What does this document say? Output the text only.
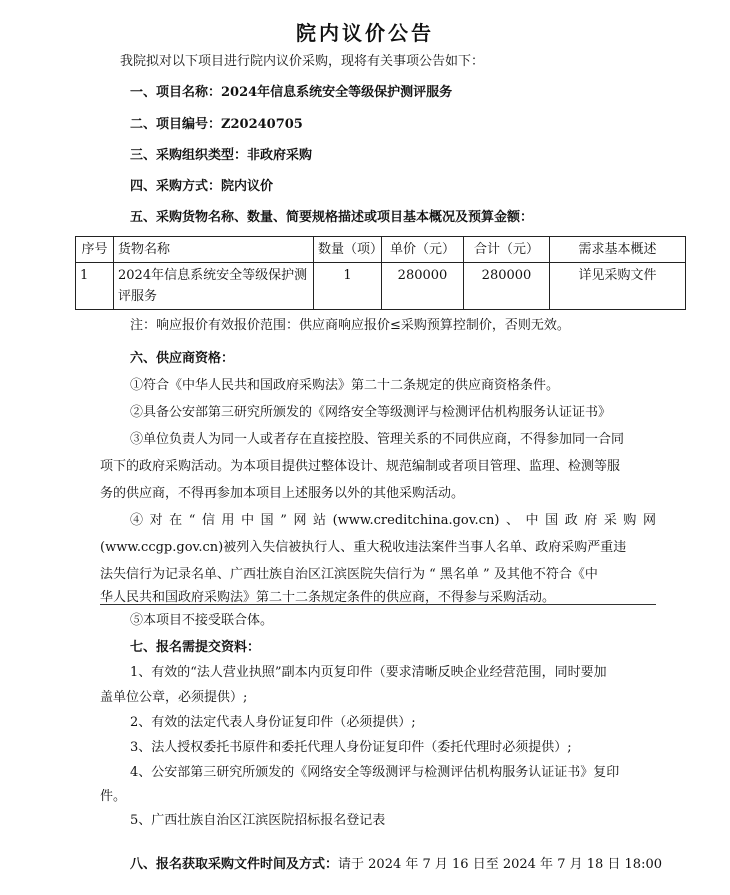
院内议价公告
我院拟对以下项目进行院内议价采购，现将有关事项公告如下：
一、项目名称：2024年信息系统安全等级保护测评服务
二、项目编号：Z20240705
三、采购组织类型：非政府采购
四、采购方式：院内议价
五、采购货物名称、数量、简要规格描述或项目基本概况及预算金额：
序号	货物名称	数量（项）	单价（元）	合计（元）	需求基本概述
1	2024年信息系统安全等级保护测评服务	1	280000	280000	详见采购文件
注：响应报价有效报价范围：供应商响应报价≤采购预算控制价，否则无效。
六、供应商资格：
①符合《中华人民共和国政府采购法》第二十二条规定的供应商资格条件。
②具备公安部第三研究所颁发的《网络安全等级测评与检测评估机构服务认证证书》
③单位负责人为同一人或者存在直接控股、管理关系的不同供应商，不得参加同一合同
项下的政府采购活动。为本项目提供过整体设计、规范编制或者项目管理、监理、检测等服
务的供应商，不得再参加本项目上述服务以外的其他采购活动。
④对在“信用中国”网站(www.creditchina.gov.cn)、中国政府采购网
(www.ccgp.gov.cn)被列入失信被执行人、重大税收违法案件当事人名单、政府采购严重违
法失信行为记录名单、广西壮族自治区江滨医院失信行为 “ 黑名单 ” 及其他不符合《中
华人民共和国政府采购法》第二十二条规定条件的供应商，不得参与采购活动。
⑤本项目不接受联合体。
七、报名需提交资料：
1、有效的“法人营业执照”副本内页复印件（要求清晰反映企业经营范围，同时要加
盖单位公章，必须提供）;
2、有效的法定代表人身份证复印件（必须提供）;
3、法人授权委托书原件和委托代理人身份证复印件（委托代理时必须提供）;
4、公安部第三研究所颁发的《网络安全等级测评与检测评估机构服务认证证书》复印
件。
5、广西壮族自治区江滨医院招标报名登记表
八、报名获取采购文件时间及方式：请于 2024 年 7 月 16 日至 2024 年 7 月 18 日 18:00
